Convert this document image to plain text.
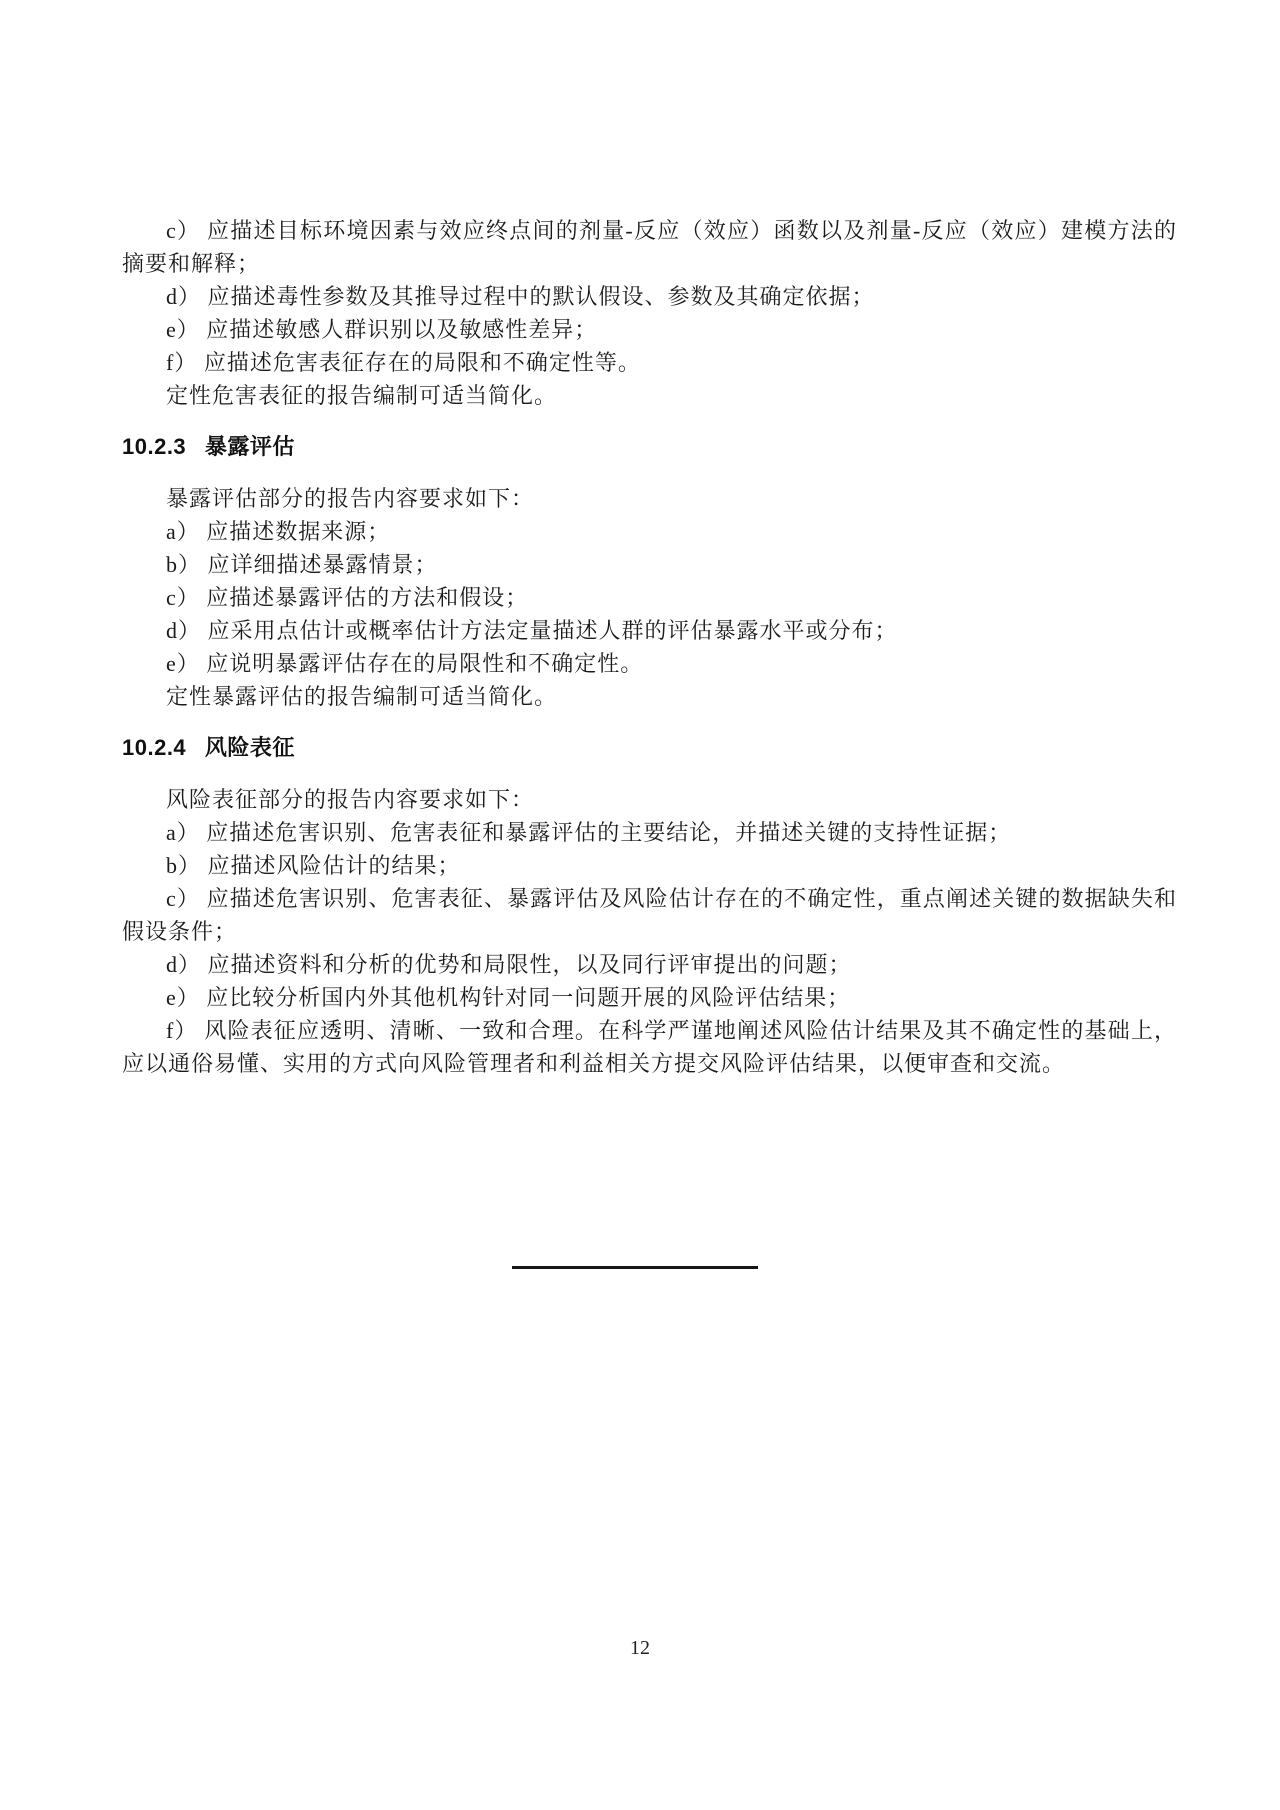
c） 应描述目标环境因素与效应终点间的剂量-反应（效应）函数以及剂量-反应（效应）建模方法的摘要和解释；

d） 应描述毒性参数及其推导过程中的默认假设、参数及其确定依据；

e） 应描述敏感人群识别以及敏感性差异；

f） 应描述危害表征存在的局限和不确定性等。

定性危害表征的报告编制可适当简化。

10.2.3 暴露评估

暴露评估部分的报告内容要求如下：

a） 应描述数据来源；

b） 应详细描述暴露情景；

c） 应描述暴露评估的方法和假设；

d） 应采用点估计或概率估计方法定量描述人群的评估暴露水平或分布；

e） 应说明暴露评估存在的局限性和不确定性。

定性暴露评估的报告编制可适当简化。

10.2.4 风险表征

风险表征部分的报告内容要求如下：

a） 应描述危害识别、危害表征和暴露评估的主要结论，并描述关键的支持性证据；

b） 应描述风险估计的结果；

c） 应描述危害识别、危害表征、暴露评估及风险估计存在的不确定性，重点阐述关键的数据缺失和假设条件；

d） 应描述资料和分析的优势和局限性，以及同行评审提出的问题；

e） 应比较分析国内外其他机构针对同一问题开展的风险评估结果；

f） 风险表征应透明、清晰、一致和合理。在科学严谨地阐述风险估计结果及其不确定性的基础上，应以通俗易懂、实用的方式向风险管理者和利益相关方提交风险评估结果，以便审查和交流。

12
